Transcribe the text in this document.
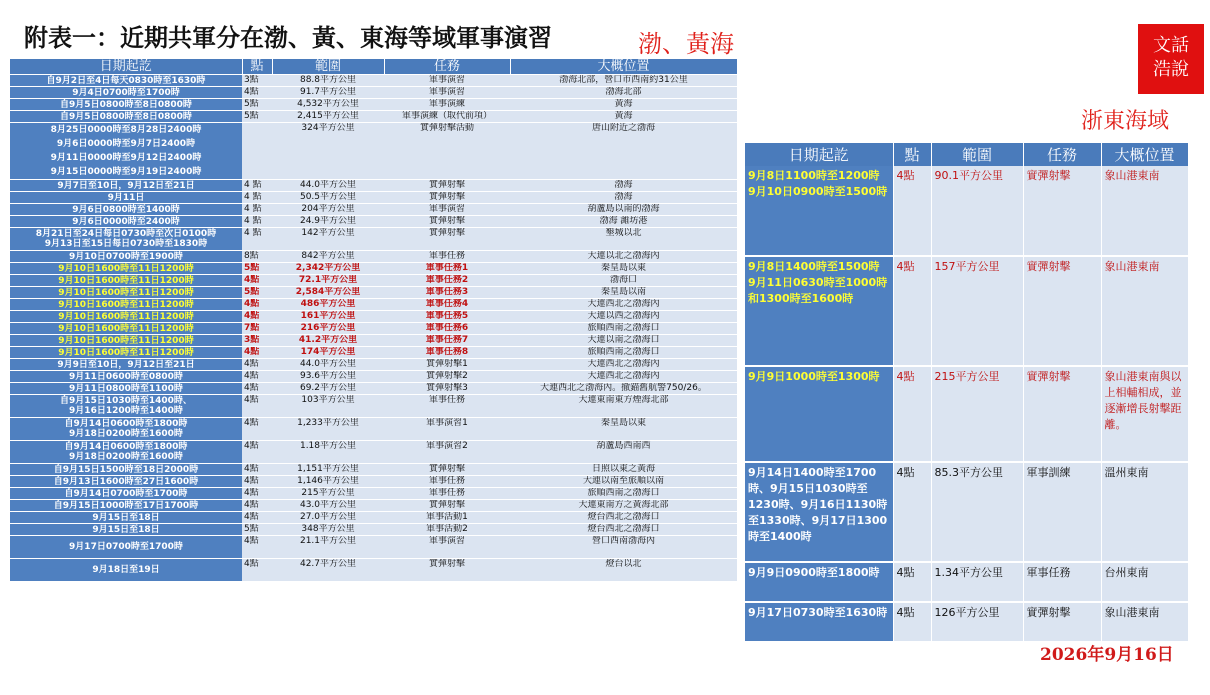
附表一：近期共軍分在渤、黃、東海等域軍事演習	渤、黃海	文話
浩說
浙東海域
日期起訖	點	範圍	任務	大概位置
自9月2日至4日每天0830時至1630時	3點	88.8平方公里	軍事演習	渤海北部，營口市西南約31公里
9月4日0700時至1700時	4點	91.7平方公里	軍事演習	渤海北部
自9月5日0800時至8日0800時	5點	4,532平方公里	軍事演練	黃海
自9月5日0800時至8日0800時	5點	2,415平方公里	軍事演練（取代前項）	黃海
8月25日0000時至8月28日2400時
9月6日0000時至9月7日2400時
9月11日0000時至9月12日2400時
9月15日0000時至9月19日2400時		324平方公里	實彈射擊活動	唐山附近之渤海
9月7日至10日，9月12日至21日	4 點	44.0平方公里	實彈射擊	渤海
9月11日	4 點	50.5平方公里	實彈射擊	渤海
9月6日0800時至1400時	4 點	204平方公里	軍事演習	葫蘆島以南的渤海
9月6日0000時至2400時	4 點	24.9平方公里	實彈射擊	渤海 濰坊港
8月21日至24日每日0730時至次日0100時
9月13日至15日每日0730時至1830時	4 點	142平方公里	實彈射擊	墾城以北
9月10日0700時至1900時	8點	842平方公里	軍事任務	大連以北之渤海內
9月10日1600時至11日1200時	5點	2,342平方公里	軍事任務1	秦皇島以東
9月10日1600時至11日1200時	4點	72.1平方公里	軍事任務2	渤海口
9月10日1600時至11日1200時	5點	2,584平方公里	軍事任務3	秦皇島以南
9月10日1600時至11日1200時	4點	486平方公里	軍事任務4	大連西北之渤海內
9月10日1600時至11日1200時	4點	161平方公里	軍事任務5	大連以西之渤海內
9月10日1600時至11日1200時	7點	216平方公里	軍事任務6	旅順西南之渤海口
9月10日1600時至11日1200時	3點	41.2平方公里	軍事任務7	大連以南之渤海口
9月10日1600時至11日1200時	4點	174平方公里	軍事任務8	旅順西南之渤海口
9月9日至10日，9月12日至21日	4點	44.0平方公里	實彈射擊1	大連西北之渤海內
9月11日0600時至0800時	4點	93.6平方公里	實彈射擊2	大連西北之渤海內
9月11日0800時至1100時	4點	69.2平方公里	實彈射擊3	大連西北之渤海內。撤錨舊航警750/26。
自9月15日1030時至1400時、
9月16日1200時至1400時	4點	103平方公里	軍事任務	大連東南東方煙海北部
自9月14日0600時至1800時
9月18日0200時至1600時	4點	1,233平方公里	軍事演習1	秦皇島以東
自9月14日0600時至1800時
9月18日0200時至1600時	4點	1.18平方公里	軍事演習2	葫蘆島西南西
自9月15日1500時至18日2000時	4點	1,151平方公里	實彈射擊	日照以東之黃海
自9月13日1600時至27日1600時	4點	1,146平方公里	軍事任務	大連以南至旅順以南
自9月14日0700時至1700時	4點	215平方公里	軍事任務	旅順西南之渤海口
自9月15日1000時至17日1700時	4點	43.0平方公里	實彈射擊	大連東南方之黃海北部
9月15日至18日	4點	27.0平方公里	軍事活動1	燈台西北之渤海口
9月15日至18日	5點	348平方公里	軍事活動2	燈台西北之渤海口
9月17日0700時至1700時	4點	21.1平方公里	軍事演習	營口西南渤海內
9月18日至19日	4點	42.7平方公里	實彈射擊	燈台以北
日期起訖	點	範圍	任務	大概位置
9月8日1100時至1200時
9月10日0900時至1500時	4點	90.1平方公里	實彈射擊	象山港東南
9月8日1400時至1500時
9月11日0630時至1000時和1300時至1600時	4點	157平方公里	實彈射擊	象山港東南
9月9日1000時至1300時	4點	215平方公里	實彈射擊	象山港東南與以上相輔相成，並逐漸增長射擊距離。
9月14日1400時至1700時、9月15日1030時至1230時、9月16日1130時至1330時、9月17日1300時至1400時	4點	85.3平方公里	軍事訓練	溫州東南
9月9日0900時至1800時	4點	1.34平方公里	軍事任務	台州東南
9月17日0730時至1630時	4點	126平方公里	實彈射擊	象山港東南
2026年9月16日
